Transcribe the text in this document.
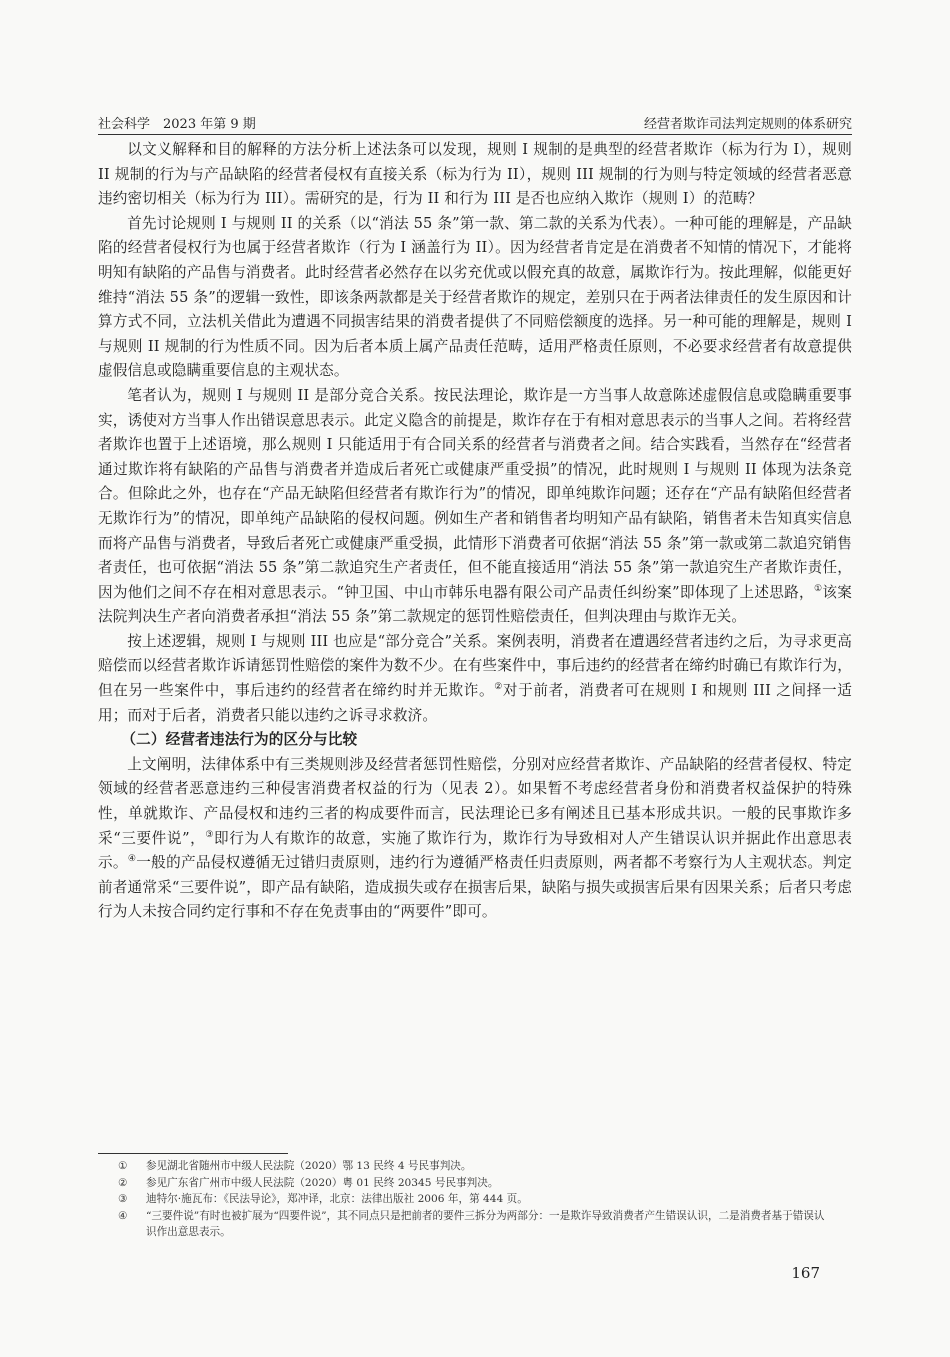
社会科学　2023 年第 9 期	经营者欺诈司法判定规则的体系研究

以文义解释和目的解释的方法分析上述法条可以发现，规则 I 规制的是典型的经营者欺诈（标为行为 I），规则 II 规制的行为与产品缺陷的经营者侵权有直接关系（标为行为 II），规则 III 规制的行为则与特定领域的经营者恶意违约密切相关（标为行为 III）。需研究的是，行为 II 和行为 III 是否也应纳入欺诈（规则 I）的范畴？

首先讨论规则 I 与规则 II 的关系（以“消法 55 条”第一款、第二款的关系为代表）。一种可能的理解是，产品缺陷的经营者侵权行为也属于经营者欺诈（行为 I 涵盖行为 II）。因为经营者肯定是在消费者不知情的情况下，才能将明知有缺陷的产品售与消费者。此时经营者必然存在以劣充优或以假充真的故意，属欺诈行为。按此理解，似能更好维持“消法 55 条”的逻辑一致性，即该条两款都是关于经营者欺诈的规定，差别只在于两者法律责任的发生原因和计算方式不同，立法机关借此为遭遇不同损害结果的消费者提供了不同赔偿额度的选择。另一种可能的理解是，规则 I 与规则 II 规制的行为性质不同。因为后者本质上属产品责任范畴，适用严格责任原则，不必要求经营者有故意提供虚假信息或隐瞒重要信息的主观状态。

笔者认为，规则 I 与规则 II 是部分竞合关系。按民法理论，欺诈是一方当事人故意陈述虚假信息或隐瞒重要事实，诱使对方当事人作出错误意思表示。此定义隐含的前提是，欺诈存在于有相对意思表示的当事人之间。若将经营者欺诈也置于上述语境，那么规则 I 只能适用于有合同关系的经营者与消费者之间。结合实践看，当然存在“经营者通过欺诈将有缺陷的产品售与消费者并造成后者死亡或健康严重受损”的情况，此时规则 I 与规则 II 体现为法条竞合。但除此之外，也存在“产品无缺陷但经营者有欺诈行为”的情况，即单纯欺诈问题；还存在“产品有缺陷但经营者无欺诈行为”的情况，即单纯产品缺陷的侵权问题。例如生产者和销售者均明知产品有缺陷，销售者未告知真实信息而将产品售与消费者，导致后者死亡或健康严重受损，此情形下消费者可依据“消法 55 条”第一款或第二款追究销售者责任，也可依据“消法 55 条”第二款追究生产者责任，但不能直接适用“消法 55 条”第一款追究生产者欺诈责任，因为他们之间不存在相对意思表示。“钟卫国、中山市韩乐电器有限公司产品责任纠纷案”即体现了上述思路，①该案法院判决生产者向消费者承担“消法 55 条”第二款规定的惩罚性赔偿责任，但判决理由与欺诈无关。

按上述逻辑，规则 I 与规则 III 也应是“部分竞合”关系。案例表明，消费者在遭遇经营者违约之后，为寻求更高赔偿而以经营者欺诈诉请惩罚性赔偿的案件为数不少。在有些案件中，事后违约的经营者在缔约时确已有欺诈行为，但在另一些案件中，事后违约的经营者在缔约时并无欺诈。②对于前者，消费者可在规则 I 和规则 III 之间择一适用；而对于后者，消费者只能以违约之诉寻求救济。

（二）经营者违法行为的区分与比较

上文阐明，法律体系中有三类规则涉及经营者惩罚性赔偿，分别对应经营者欺诈、产品缺陷的经营者侵权、特定领域的经营者恶意违约三种侵害消费者权益的行为（见表 2）。如果暂不考虑经营者身份和消费者权益保护的特殊性，单就欺诈、产品侵权和违约三者的构成要件而言，民法理论已多有阐述且已基本形成共识。一般的民事欺诈多采“三要件说”，③即行为人有欺诈的故意，实施了欺诈行为，欺诈行为导致相对人产生错误认识并据此作出意思表示。④一般的产品侵权遵循无过错归责原则，违约行为遵循严格责任归责原则，两者都不考察行为人主观状态。判定前者通常采“三要件说”，即产品有缺陷，造成损失或存在损害后果，缺陷与损失或损害后果有因果关系；后者只考虑行为人未按合同约定行事和不存在免责事由的“两要件”即可。

①	参见湖北省随州市中级人民法院（2020）鄂 13 民终 4 号民事判决。
②	参见广东省广州市中级人民法院（2020）粤 01 民终 20345 号民事判决。
③	迪特尔·施瓦布：《民法导论》，郑冲译，北京：法律出版社 2006 年，第 444 页。
④	“三要件说”有时也被扩展为“四要件说”，其不同点只是把前者的要件三拆分为两部分：一是欺诈导致消费者产生错误认识，二是消费者基于错误认识作出意思表示。
167
